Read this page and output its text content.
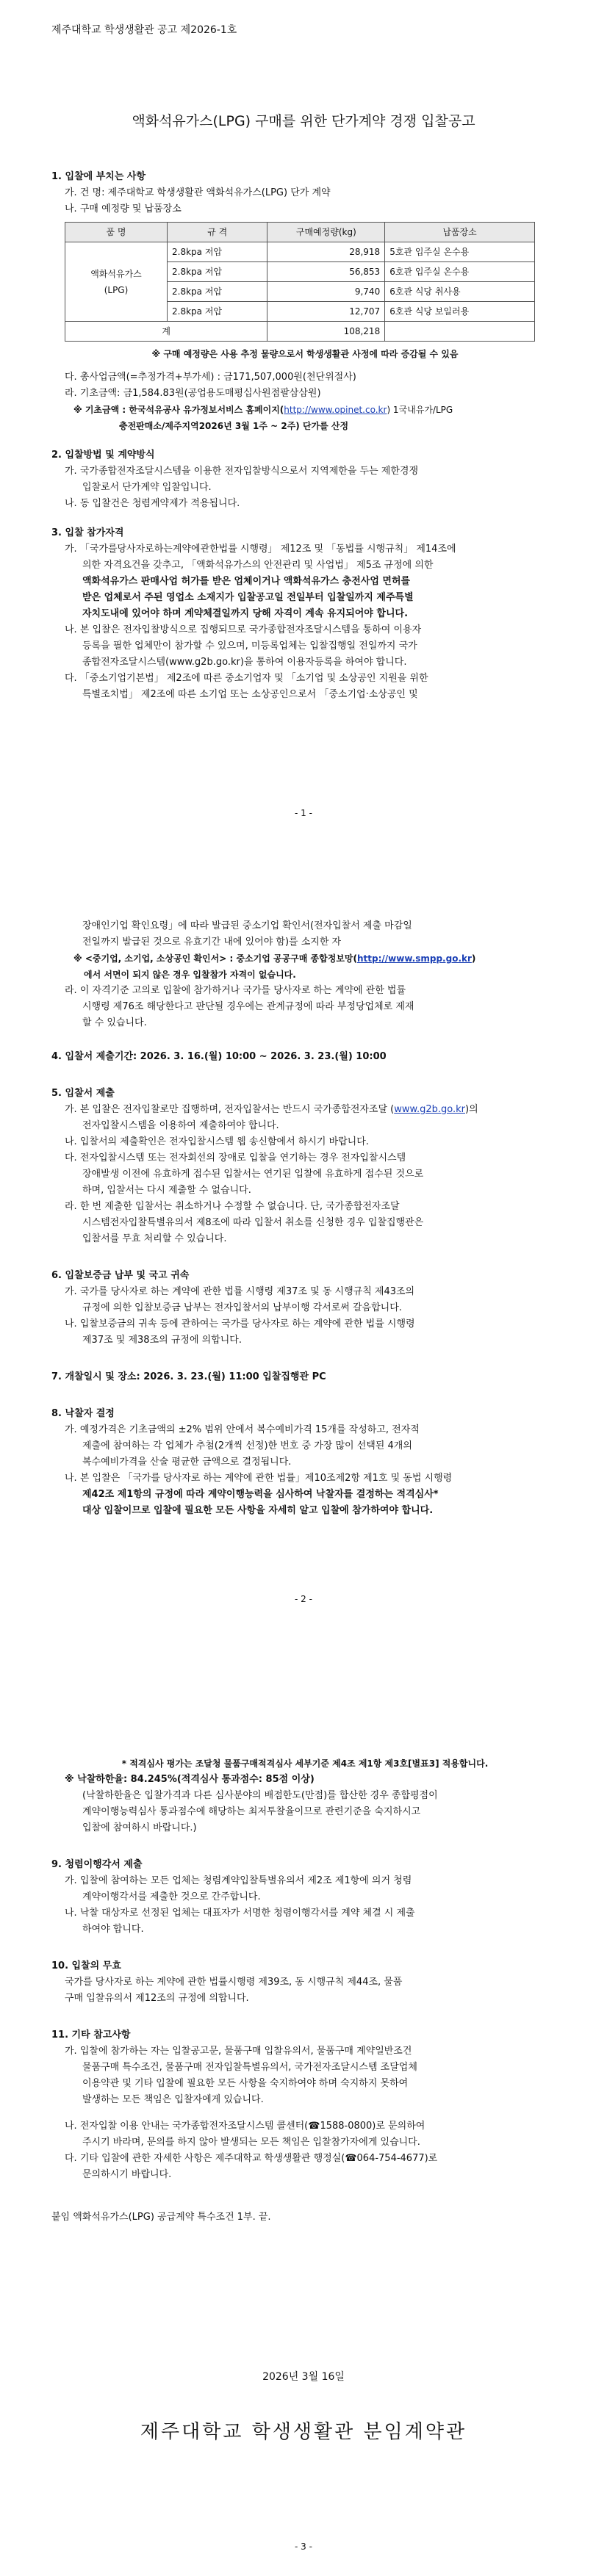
제주대학교 학생생활관 공고 제2026-1호
액화석유가스(LPG) 구매를 위한 단가계약 경쟁 입찰공고
1. 입찰에 부치는 사항
가. 건 명: 제주대학교 학생생활관 액화석유가스(LPG) 단가 계약
나. 구매 예정량 및 납품장소
품 명	규 격	구매예정량(kg)	납품장소

액화석유가스
(LPG)	2.8kpa 저압	28,918	5호관 입주실 온수용
	2.8kpa 저압	56,853	6호관 입주실 온수용
	2.8kpa 저압	9,740	6호관 식당 취사용
	2.8kpa 저압	12,707	6호관 식당 보일러용
계		108,218	
※ 구매 예정량은 사용 추정 물량으로서 학생생활관 사정에 따라 증감될 수 있음
다. 총사업금액(=추정가격+부가세) : 금171,507,000원(천단위절사)
라. 기초금액: 금1,584.83원(공업용도매평십사원점팔삼삼원)
※ 기초금액 : 한국석유공사 유가정보서비스 홈페이지(http://www.opinet.co.kr) 1국내유가/LPG
충전판매소/제주지역2026년 3월 1주 ~ 2주) 단가를 산정
2. 입찰방법 및 계약방식
가. 국가종합전자조달시스템을 이용한 전자입찰방식으로서 지역제한을 두는 제한경쟁
입찰로서 단가계약 입찰입니다.
나. 동 입찰건은 청렴계약제가 적용됩니다.
3. 입찰 참가자격
가. 「국가를당사자로하는계약에관한법률 시행령」 제12조 및 「동법률 시행규칙」 제14조에
의한 자격요건을 갖추고, 「액화석유가스의 안전관리 및 사업법」 제5조 규정에 의한
액화석유가스 판매사업 허가를 받은 업체이거나 액화석유가스 충전사업 면허를
받은 업체로서 주된 영업소 소재지가 입찰공고일 전일부터 입찰일까지 제주특별
자치도내에 있어야 하며 계약체결일까지 당해 자격이 계속 유지되어야 합니다.
나. 본 입찰은 전자입찰방식으로 집행되므로 국가종합전자조달시스템을 통하여 이용자
등록을 필한 업체만이 참가할 수 있으며, 미등록업체는 입찰집행일 전일까지 국가
종합전자조달시스템(www.g2b.go.kr)을 통하여 이용자등록을 하여야 합니다.
다. 「중소기업기본법」 제2조에 따른 중소기업자 및 「소기업 및 소상공인 지원을 위한
특별조치법」 제2조에 따른 소기업 또는 소상공인으로서 「중소기업·소상공인 및
- 1 -
장애인기업 확인요령」에 따라 발급된 중소기업 확인서(전자입찰서 제출 마감일
전일까지 발급된 것으로 유효기간 내에 있어야 함)를 소지한 자
※ <중기업, 소기업, 소상공인 확인서> : 중소기업 공공구매 종합정보망(http://www.smpp.go.kr)
에서 서면이 되지 않은 경우 입찰참가 자격이 없습니다.
라. 이 자격기준 고의로 입찰에 참가하거나 국가를 당사자로 하는 계약에 관한 법률
시행령 제76조 해당한다고 판단될 경우에는 관계규정에 따라 부정당업체로 제재
할 수 있습니다.
4. 입찰서 제출기간: 2026. 3. 16.(월) 10:00 ~ 2026. 3. 23.(월) 10:00
5. 입찰서 제출
가. 본 입찰은 전자입찰로만 집행하며, 전자입찰서는 반드시 국가종합전자조달 (www.g2b.go.kr)의
전자입찰시스템을 이용하여 제출하여야 합니다.
나. 입찰서의 제출확인은 전자입찰시스템 웹 송신함에서 하시기 바랍니다.
다. 전자입찰시스템 또는 전자회선의 장애로 입찰을 연기하는 경우 전자입찰시스템
장애발생 이전에 유효하게 접수된 입찰서는 연기된 입찰에 유효하게 접수된 것으로
하며, 입찰서는 다시 제출할 수 없습니다.
라. 한 번 제출한 입찰서는 취소하거나 수정할 수 없습니다. 단, 국가종합전자조달
시스템전자입찰특별유의서 제8조에 따라 입찰서 취소를 신청한 경우 입찰집행관은
입찰서를 무효 처리할 수 있습니다.
6. 입찰보증금 납부 및 국고 귀속
가. 국가를 당사자로 하는 계약에 관한 법률 시행령 제37조 및 동 시행규칙 제43조의
규정에 의한 입찰보증금 납부는 전자입찰서의 납부이행 각서로써 갈음합니다.
나. 입찰보증금의 귀속 등에 관하여는 국가를 당사자로 하는 계약에 관한 법률 시행령
제37조 및 제38조의 규정에 의합니다.
7. 개찰일시 및 장소: 2026. 3. 23.(월) 11:00 입찰집행관 PC
8. 낙찰자 결정
가. 예정가격은 기초금액의 ±2% 범위 안에서 복수예비가격 15개를 작성하고, 전자적
제출에 참여하는 각 업체가 추첨(2개씩 선정)한 번호 중 가장 많이 선택된 4개의
복수예비가격을 산술 평균한 금액으로 결정됩니다.
나. 본 입찰은 「국가를 당사자로 하는 계약에 관한 법률」제10조제2항 제1호 및 동법 시행령
제42조 제1항의 규정에 따라 계약이행능력을 심사하여 낙찰자를 결정하는 적격심사*
대상 입찰이므로 입찰에 필요한 모든 사항을 자세히 알고 입찰에 참가하여야 합니다.
- 2 -
* 적격심사 평가는 조달청 물품구매적격심사 세부기준 제4조 제1항 제3호[별표3] 적용합니다.
※ 낙찰하한율: 84.245%(적격심사 통과점수: 85점 이상)
(낙찰하한율은 입찰가격과 다른 심사분야의 배점한도(만점)를 합산한 경우 종합평점이
계약이행능력심사 통과점수에 해당하는 최저투찰율이므로 관련기준을 숙지하시고
입찰에 참여하시 바랍니다.)
9. 청렴이행각서 제출
가. 입찰에 참여하는 모든 업체는 청렴계약입찰특별유의서 제2조 제1항에 의거 청렴
계약이행각서를 제출한 것으로 간주합니다.
나. 낙찰 대상자로 선정된 업체는 대표자가 서명한 청렴이행각서를 계약 체결 시 제출
하여야 합니다.
10. 입찰의 무효
국가를 당사자로 하는 계약에 관한 법률시행령 제39조, 동 시행규칙 제44조, 물품
구매 입찰유의서 제12조의 규정에 의합니다.
11. 기타 참고사항
가. 입찰에 참가하는 자는 입찰공고문, 물품구매 입찰유의서, 물품구매 계약일반조건
물품구매 특수조건, 물품구매 전자입찰특별유의서, 국가전자조달시스템 조달업체
이용약관 및 기타 입찰에 필요한 모든 사항을 숙지하여야 하며 숙지하지 못하여
발생하는 모든 책임은 입찰자에게 있습니다.
나. 전자입찰 이용 안내는 국가종합전자조달시스템 콜센터(☎1588-0800)로 문의하여
주시기 바라며, 문의를 하지 않아 발생되는 모든 책임은 입찰참가자에게 있습니다.
다. 기타 입찰에 관한 자세한 사항은 제주대학교 학생생활관 행정실(☎064-754-4677)로
문의하시기 바랍니다.
붙임 액화석유가스(LPG) 공급계약 특수조건 1부. 끝.
2026년 3월 16일
제주대학교 학생생활관 분임계약관
- 3 -
